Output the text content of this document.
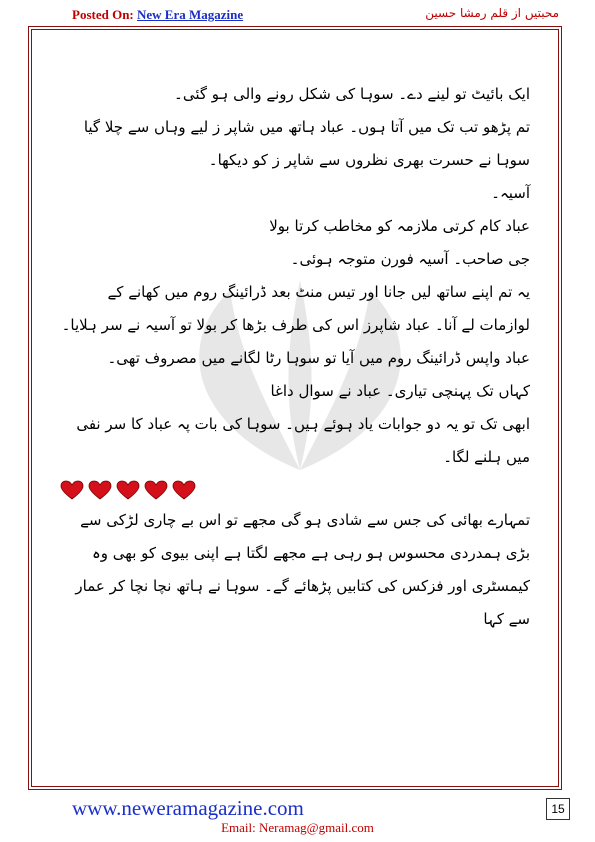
Posted On: New Era Magazine	محبتیں از قلم رمشا حسین

ایک بائیٹ تو لینے دے۔ سوہا کی شکل رونے والی ہو گئی۔

تم پڑھو تب تک میں آتا ہوں۔ عباد ہاتھ میں شاپر ز لیے وہاں سے چلا گیا سوہا نے حسرت بھری نظروں سے شاپر ز کو دیکھا۔

آسیہ۔

عباد کام کرتی ملازمہ کو مخاطب کرتا بولا

جی صاحب۔ آسیہ فورن متوجہ ہوئی۔

یہ تم اپنے ساتھ لیں جانا اور تیس منٹ بعد ڈرائینگ روم میں کھانے کے لوازمات لے آنا۔ عباد شاپرز اس کی طرف بڑھا کر بولا تو آسیہ نے سر ہلایا۔

عباد واپس ڈرائینگ روم میں آیا تو سوہا رٹا لگانے میں مصروف تھی۔

کہاں تک پہنچی تیاری۔ عباد نے سوال داغا

ابھی تک تو یہ دو جوابات یاد ہوئے ہیں۔ سوہا کی بات پہ عباد کا سر نفی میں ہلنے لگا۔

تمہارے بھائی کی جس سے شادی ہو گی مجھے تو اس بے چاری لڑکی سے بڑی ہمدردی محسوس ہو رہی ہے مجھے لگتا ہے اپنی بیوی کو بھی وہ کیمسٹری اور فزکس کی کتابیں پڑھائے گے۔ سوہا نے ہاتھ نچا نچا کر عمار سے کہا

www.neweramagazine.com	15
Email: Neramag@gmail.com
